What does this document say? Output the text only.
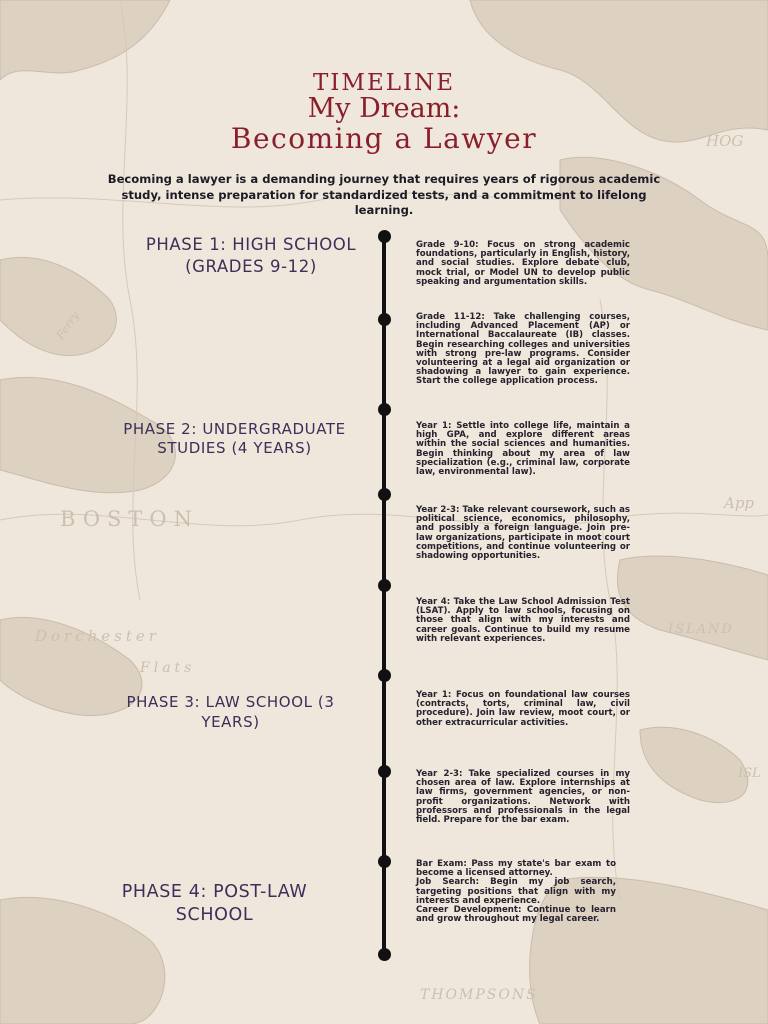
BOSTON
Dorchester
Flats
THOMPSONS
ISLAND
App
ISL
HOG
Ferry
TIMELINE
My Dream:
Becoming a Lawyer

Becoming a lawyer is a demanding journey that requires years of rigorous academic study, intense preparation for standardized tests, and a commitment to lifelong learning.

PHASE 1: HIGH SCHOOL (GRADES 9-12)

PHASE 2: UNDERGRADUATE STUDIES (4 YEARS)

PHASE 3: LAW SCHOOL (3 YEARS)

PHASE 4: POST-LAW SCHOOL

Grade 9-10: Focus on strong academic foundations, particularly in English, history, and social studies. Explore debate club, mock trial, or Model UN to develop public speaking and argumentation skills.

Grade 11-12: Take challenging courses, including Advanced Placement (AP) or International Baccalaureate (IB) classes. Begin researching colleges and universities with strong pre-law programs. Consider volunteering at a legal aid organization or shadowing a lawyer to gain experience. Start the college application process.

Year 1: Settle into college life, maintain a high GPA, and explore different areas within the social sciences and humanities. Begin thinking about my area of law specialization (e.g., criminal law, corporate law, environmental law).

Year 2-3: Take relevant coursework, such as political science, economics, philosophy, and possibly a foreign language. Join pre-law organizations, participate in moot court competitions, and continue volunteering or shadowing opportunities.

Year 4: Take the Law School Admission Test (LSAT). Apply to law schools, focusing on those that align with my interests and career goals. Continue to build my resume with relevant experiences.

Year 1: Focus on foundational law courses (contracts, torts, criminal law, civil procedure). Join law review, moot court, or other extracurricular activities.

Year 2-3: Take specialized courses in my chosen area of law. Explore internships at law firms, government agencies, or non-profit organizations. Network with professors and professionals in the legal field. Prepare for the bar exam.

Bar Exam: Pass my state's bar exam to become a licensed attorney.
Job Search: Begin my job search, targeting positions that align with my interests and experience.
Career Development: Continue to learn and grow throughout my legal career.
